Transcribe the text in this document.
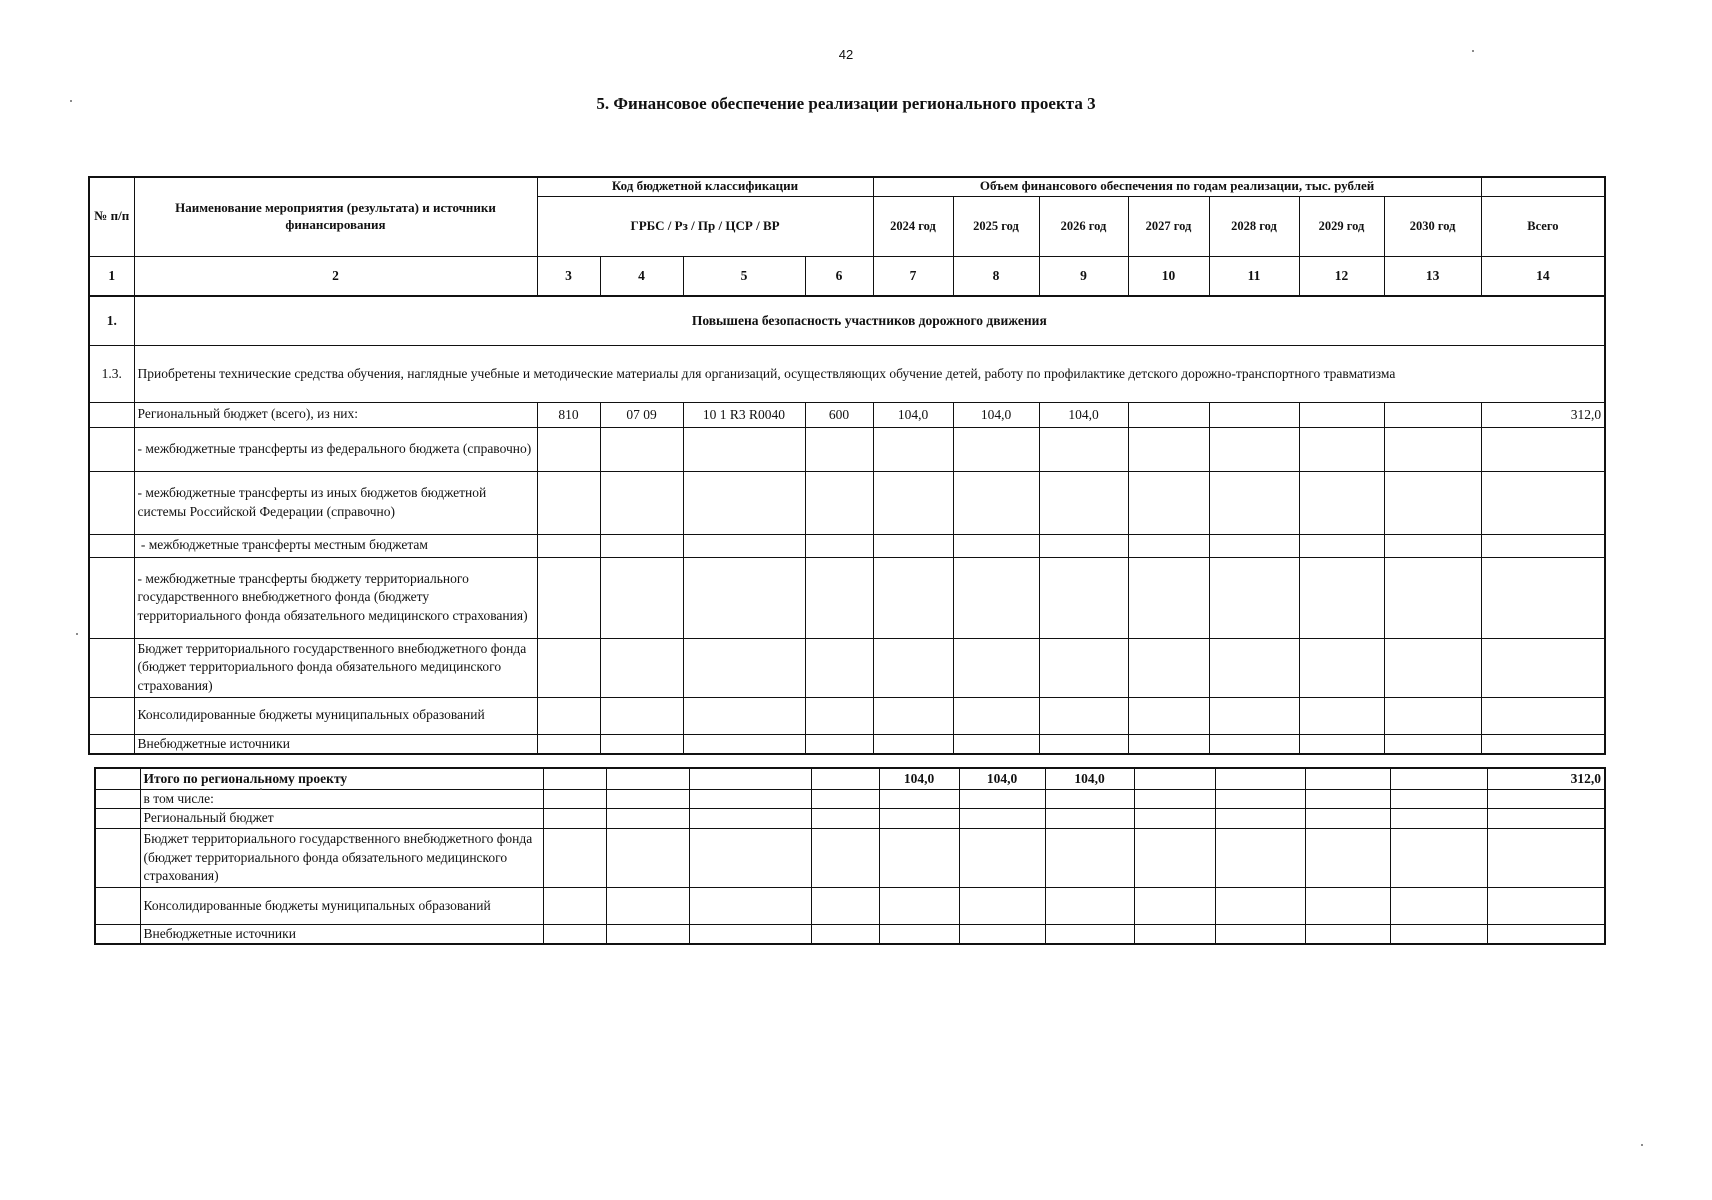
42
5. Финансовое обеспечение реализации регионального проекта 3
№ п/п	Наименование мероприятия (результата) и источники финансирования	Код бюджетной классификации				Объем финансового обеспечения по годам реализации, тыс. рублей							
		ГРБС / Рз / Пр / ЦСР / ВР				2024 год	2025 год	2026 год	2027 год	2028 год	2029 год	2030 год	Всего
1	2	3	4	5	6	7	8	9	10	11	12	13	14
1.	Повышена безопасность участников дорожного движения												
1.3.	Приобретены технические средства обучения, наглядные учебные и методические материалы для организаций, осуществляющих обучение детей, работу по профилактике детского дорожно-транспортного травматизма												
	Региональный бюджет (всего), из них:	810	07 09	10 1 R3 R0040	600	104,0	104,0	104,0					312,0
	- межбюджетные трансферты из федерального бюджета (справочно)												
	- межбюджетные трансферты из иных бюджетов бюджетной системы Российской Федерации (справочно)												
	- межбюджетные трансферты местным бюджетам												
	- межбюджетные трансферты бюджету территориального государственного внебюджетного фонда (бюджету территориального фонда обязательного медицинского страхования)												
	Бюджет территориального государственного внебюджетного фонда (бюджет территориального фонда обязательного медицинского страхования)												
	Консолидированные бюджеты муниципальных образований												
	Внебюджетные источники												
	Итого по региональному проекту					104,0	104,0	104,0					312,0
	в том числе:												
	Региональный бюджет												
	Бюджет территориального государственного внебюджетного фонда (бюджет территориального фонда обязательного медицинского страхования)												
	Консолидированные бюджеты муниципальных образований												
	Внебюджетные источники												
